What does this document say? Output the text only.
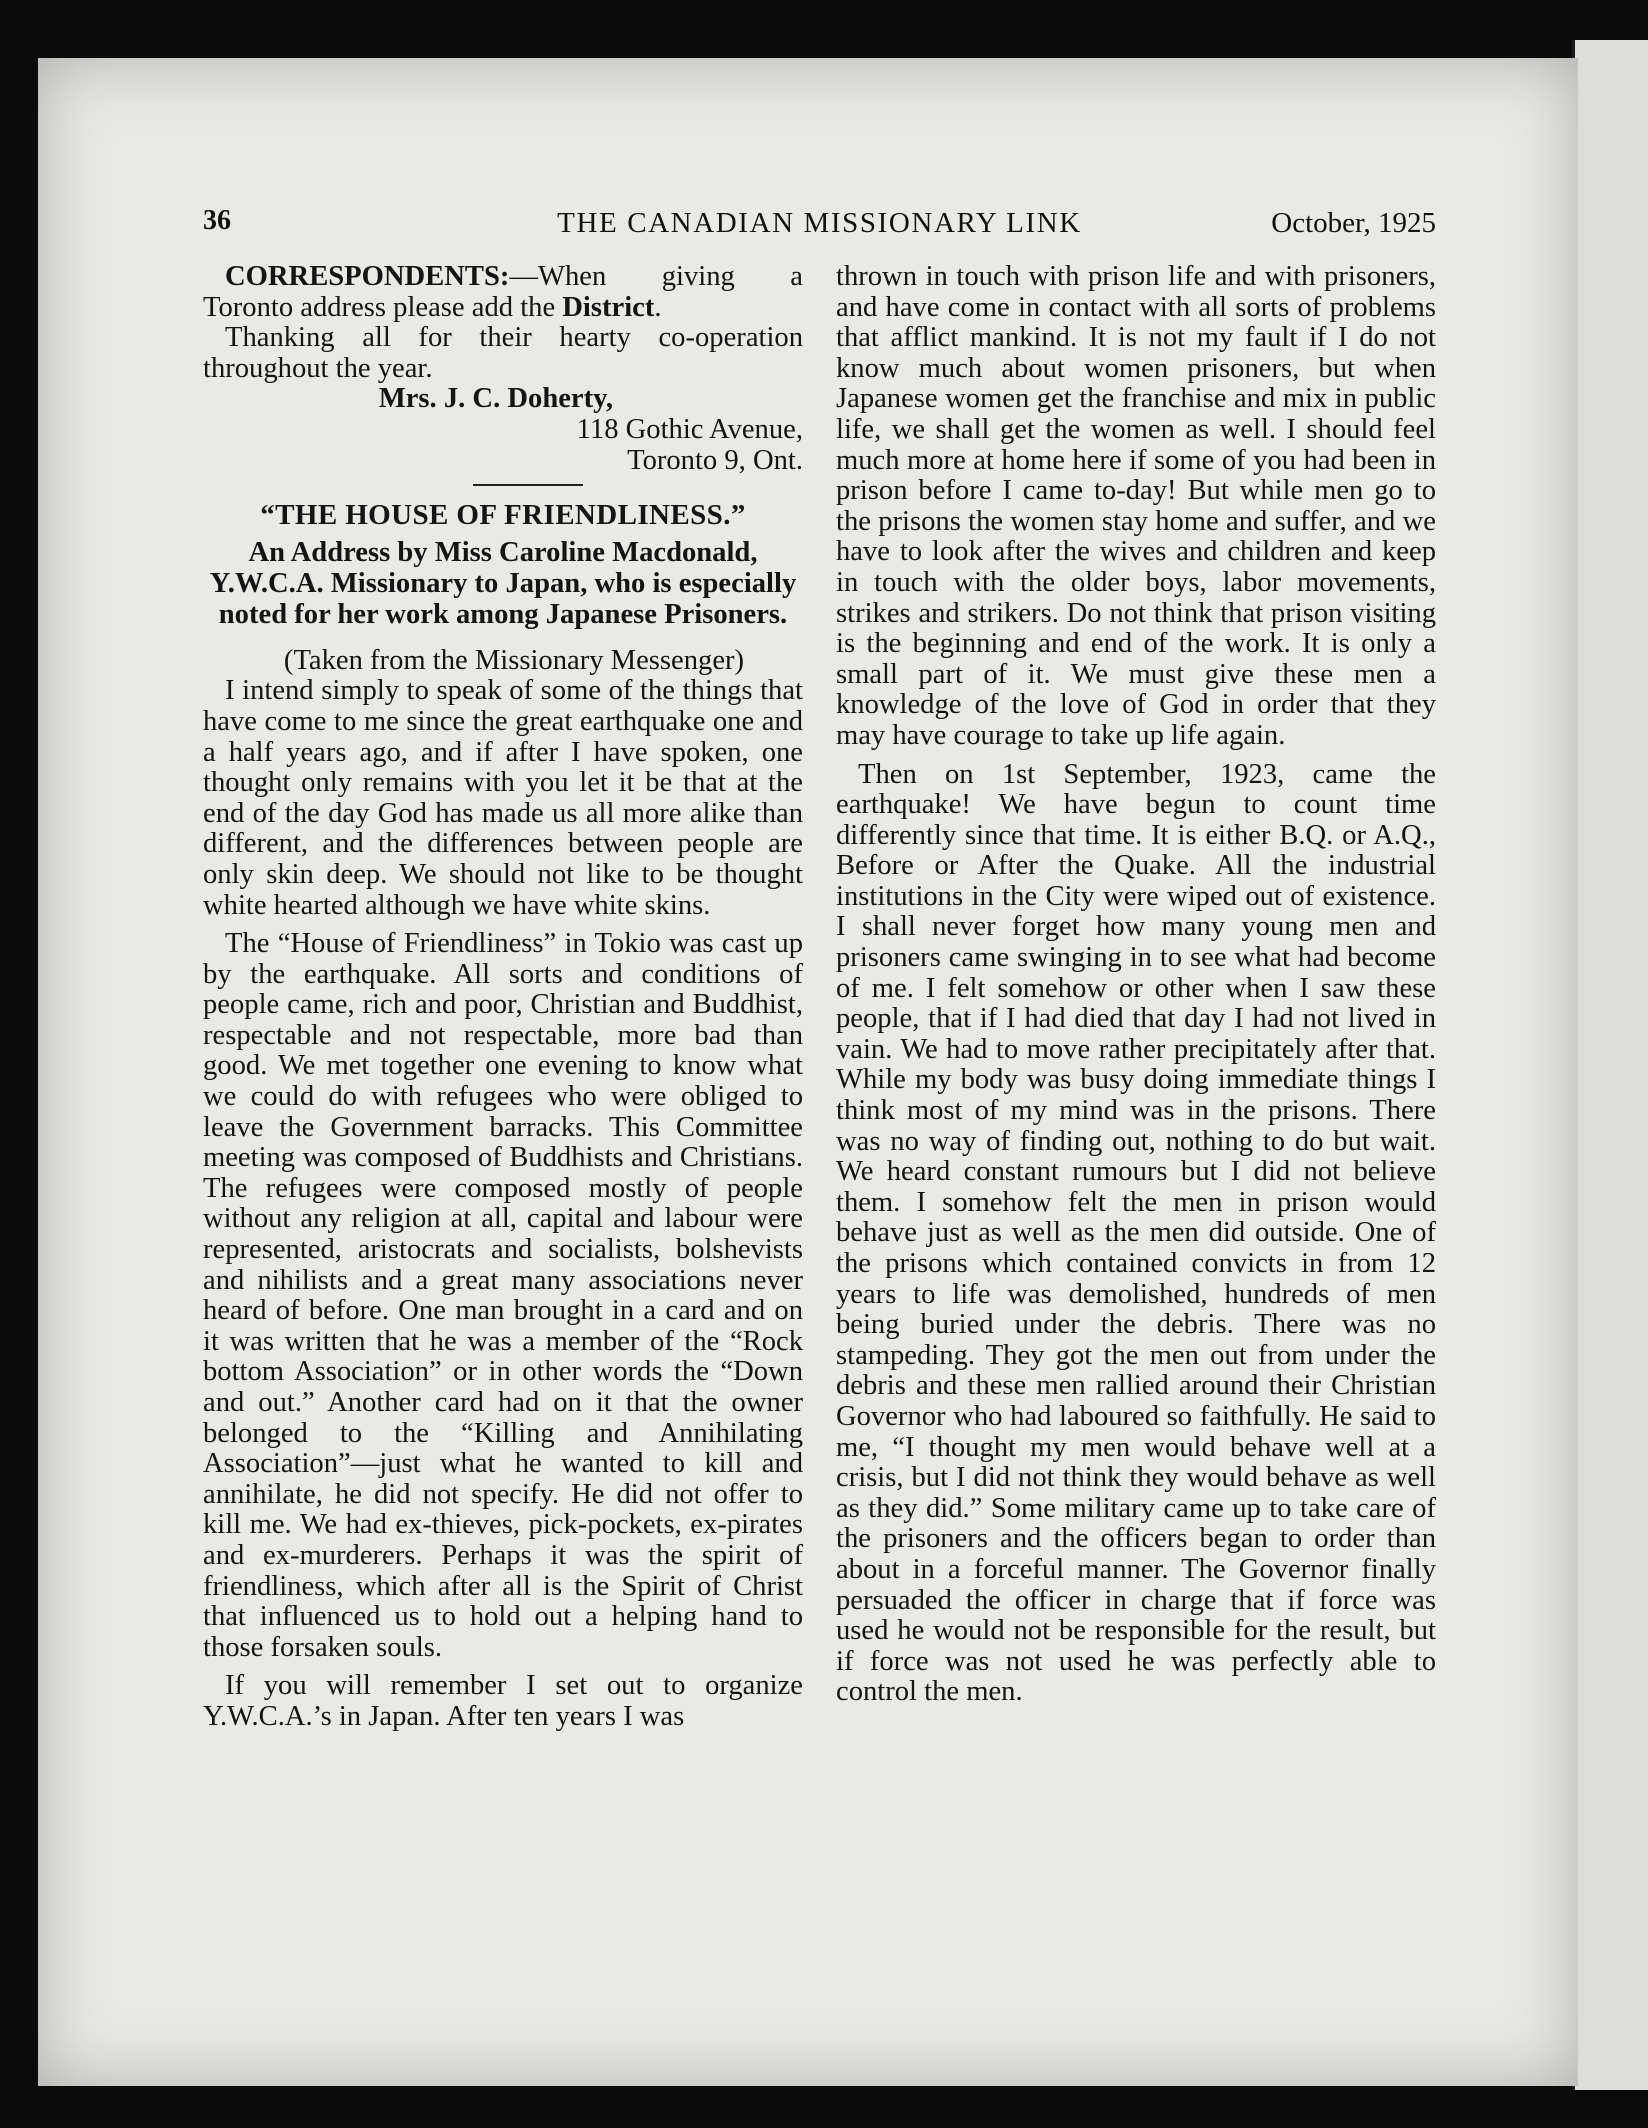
36	THE CANADIAN MISSIONARY LINK	October, 1925

CORRESPONDENTS:—When giving a Toronto address please add the District.

Thanking all for their hearty co-operation throughout the year.

Mrs. J. C. Doherty,

118 Gothic Avenue,

Toronto 9, Ont.

“THE HOUSE OF FRIENDLINESS.”
An Address by Miss Caroline Macdonald, Y.W.C.A. Missionary to Japan, who is especially noted for her work among Japanese Prisoners.

(Taken from the Missionary Messenger)

I intend simply to speak of some of the things that have come to me since the great earthquake one and a half years ago, and if after I have spoken, one thought only remains with you let it be that at the end of the day God has made us all more alike than different, and the differences between people are only skin deep. We should not like to be thought white hearted although we have white skins.

The “House of Friendliness” in Tokio was cast up by the earthquake. All sorts and conditions of people came, rich and poor, Christian and Buddhist, respectable and not respectable, more bad than good. We met together one evening to know what we could do with refugees who were obliged to leave the Government barracks. This Committee meeting was composed of Buddhists and Christians. The refugees were composed mostly of people without any religion at all, capital and labour were represented, aristocrats and socialists, bolshevists and nihilists and a great many associations never heard of before. One man brought in a card and on it was written that he was a member of the “Rock bottom Association” or in other words the “Down and out.” Another card had on it that the owner belonged to the “Killing and Annihilating Association”—just what he wanted to kill and annihilate, he did not specify. He did not offer to kill me. We had ex-thieves, pick-pockets, ex-pirates and ex-murderers. Perhaps it was the spirit of friendliness, which after all is the Spirit of Christ that influenced us to hold out a helping hand to those forsaken souls.

If you will remember I set out to organize Y.W.C.A.’s in Japan. After ten years I was

thrown in touch with prison life and with prisoners, and have come in contact with all sorts of problems that afflict mankind. It is not my fault if I do not know much about women prisoners, but when Japanese women get the franchise and mix in public life, we shall get the women as well. I should feel much more at home here if some of you had been in prison before I came to-day! But while men go to the prisons the women stay home and suffer, and we have to look after the wives and children and keep in touch with the older boys, labor movements, strikes and strikers. Do not think that prison visiting is the beginning and end of the work. It is only a small part of it. We must give these men a knowledge of the love of God in order that they may have courage to take up life again.

Then on 1st September, 1923, came the earthquake! We have begun to count time differently since that time. It is either B.Q. or A.Q., Before or After the Quake. All the industrial institutions in the City were wiped out of existence. I shall never forget how many young men and prisoners came swinging in to see what had become of me. I felt somehow or other when I saw these people, that if I had died that day I had not lived in vain. We had to move rather precipitately after that. While my body was busy doing immediate things I think most of my mind was in the prisons. There was no way of finding out, nothing to do but wait. We heard constant rumours but I did not believe them. I somehow felt the men in prison would behave just as well as the men did outside. One of the prisons which contained convicts in from 12 years to life was demolished, hundreds of men being buried under the debris. There was no stampeding. They got the men out from under the debris and these men rallied around their Christian Governor who had laboured so faithfully. He said to me, “I thought my men would behave well at a crisis, but I did not think they would behave as well as they did.” Some military came up to take care of the prisoners and the officers began to order than about in a forceful manner. The Governor finally persuaded the officer in charge that if force was used he would not be responsible for the result, but if force was not used he was perfectly able to control the men.
